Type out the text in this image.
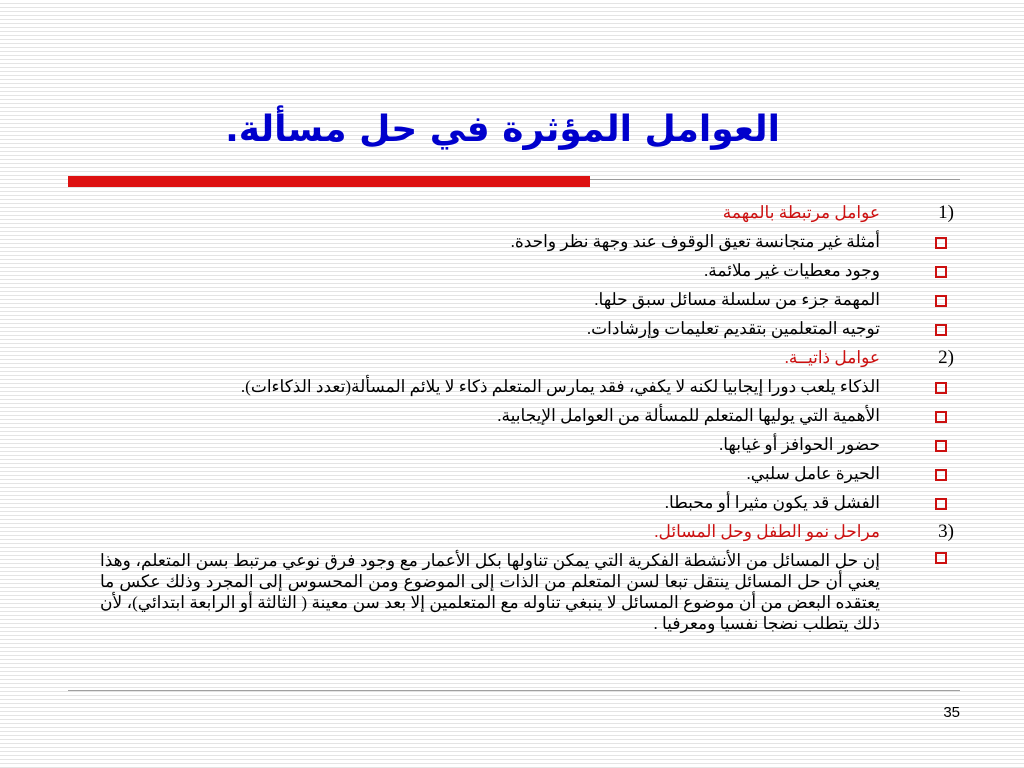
العوامل المؤثرة في حل مسألة.
1)
عوامل مرتبطة بالمهمة
أمثلة غير متجانسة تعيق الوقوف عند وجهة نظر واحدة.
وجود معطيات غير ملائمة.
المهمة جزء من سلسلة مسائل سبق حلها.
توجيه المتعلمين بتقديم تعليمات وإرشادات.
2)
عوامل ذاتيــة.
الذكاء يلعب دورا إيجابيا لكنه لا يكفي، فقد يمارس المتعلم ذكاء لا يلائم المسألة(تعدد الذكاءات).
الأهمية التي يوليها المتعلم للمسألة من العوامل الإيجابية.
حضور الحوافز أو غيابها.
الحيرة عامل سلبي.
الفشل قد يكون مثيرا أو محبطا.
3)
مراحل نمو الطفل وحل المسائل.
إن حل المسائل من الأنشطة الفكرية التي يمكن تناولها بكل الأعمار مع وجود فرق نوعي مرتبط بسن المتعلم، وهذا يعني أن حل المسائل ينتقل تبعا لسن المتعلم من الذات إلى الموضوع ومن المحسوس إلى المجرد وذلك عكس ما يعتقده البعض من أن موضوع المسائل لا ينبغي تناوله مع المتعلمين إلا بعد سن معينة ( الثالثة أو الرابعة ابتدائي)، لأن ذلك يتطلب نضجا نفسيا ومعرفيا .
35
